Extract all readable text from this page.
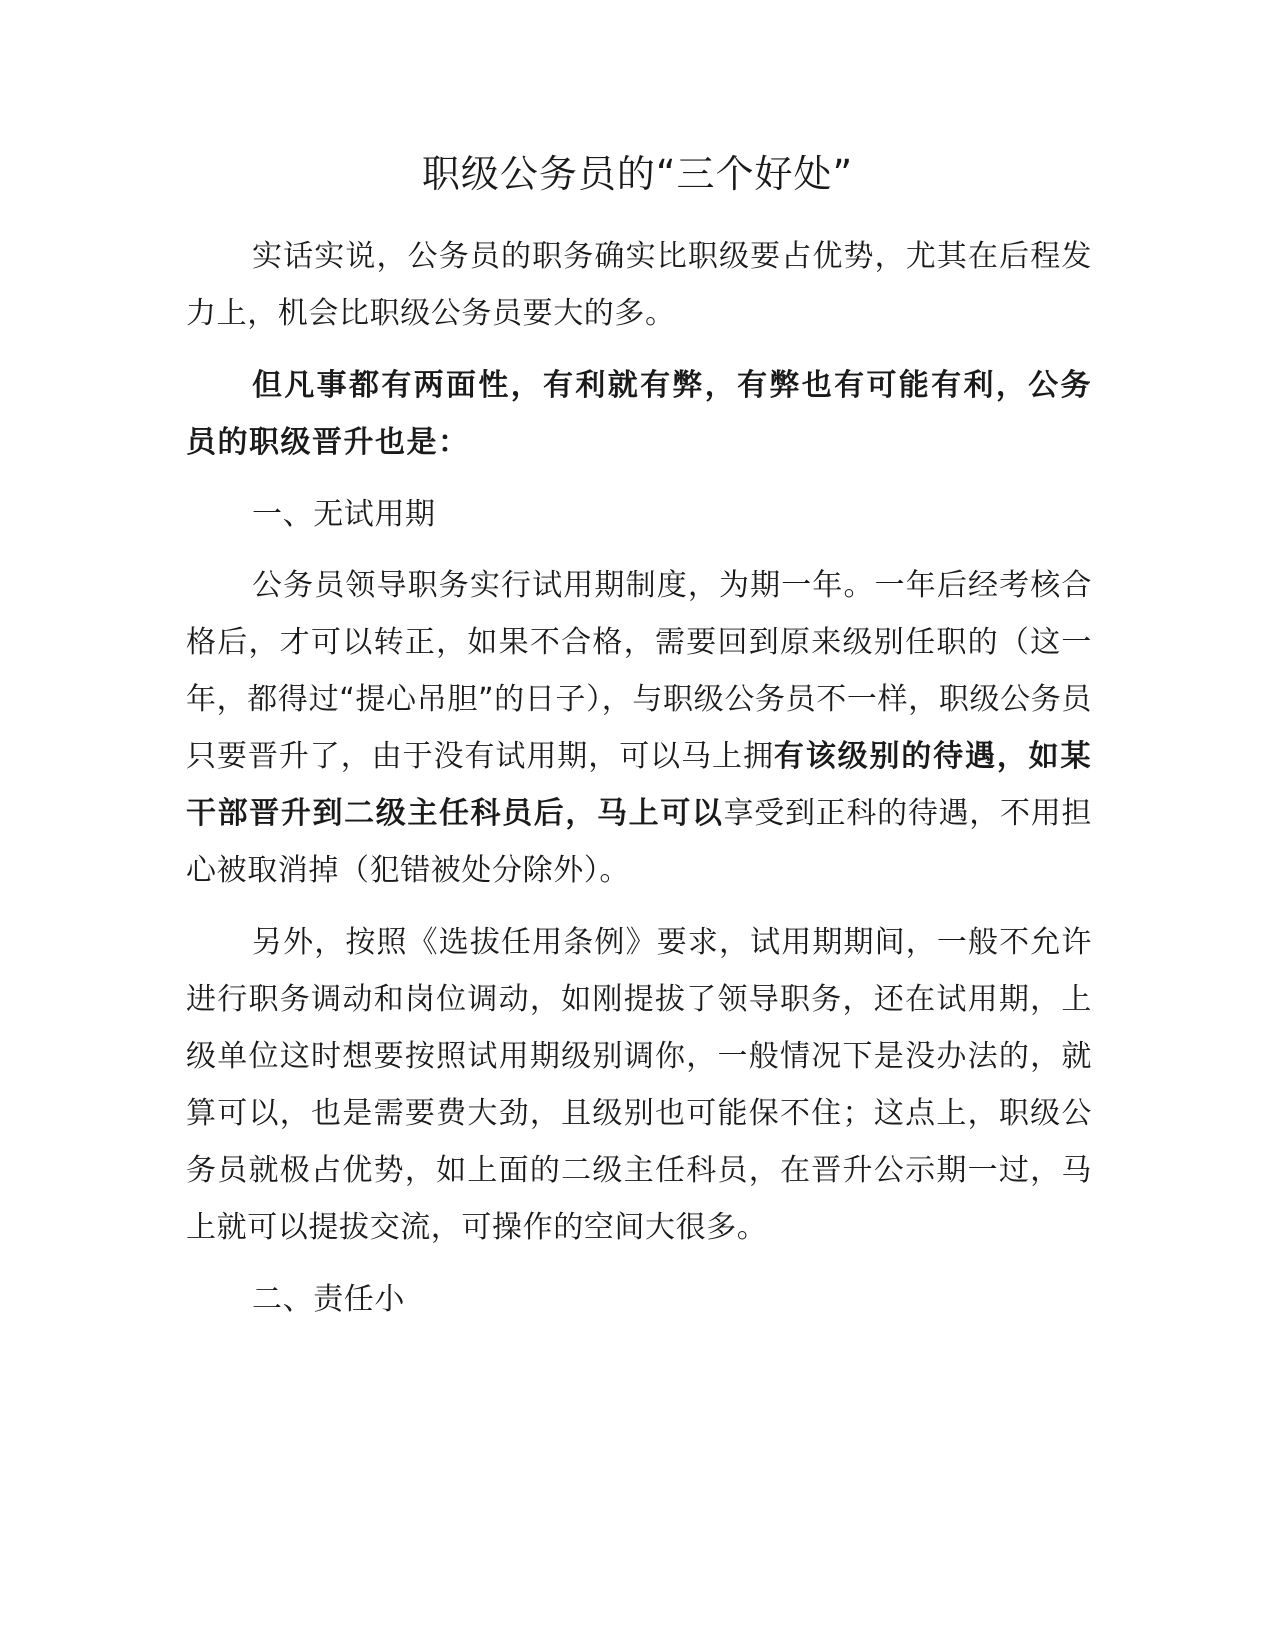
职级公务员的“三个好处”

实话实说，公务员的职务确实比职级要占优势，尤其在后程发力上，机会比职级公务员要大的多。

但凡事都有两面性，有利就有弊，有弊也有可能有利，公务员的职级晋升也是：

一、无试用期

公务员领导职务实行试用期制度，为期一年。一年后经考核合格后，才可以转正，如果不合格，需要回到原来级别任职的（这一年，都得过“提心吊胆”的日子），与职级公务员不一样，职级公务员只要晋升了，由于没有试用期，可以马上拥有该级别的待遇，如某干部晋升到二级主任科员后，马上可以享受到正科的待遇，不用担心被取消掉（犯错被处分除外）。

另外，按照《选拔任用条例》要求，试用期期间，一般不允许进行职务调动和岗位调动，如刚提拔了领导职务，还在试用期，上级单位这时想要按照试用期级别调你，一般情况下是没办法的，就算可以，也是需要费大劲，且级别也可能保不住；这点上，职级公务员就极占优势，如上面的二级主任科员，在晋升公示期一过，马上就可以提拔交流，可操作的空间大很多。

二、责任小
